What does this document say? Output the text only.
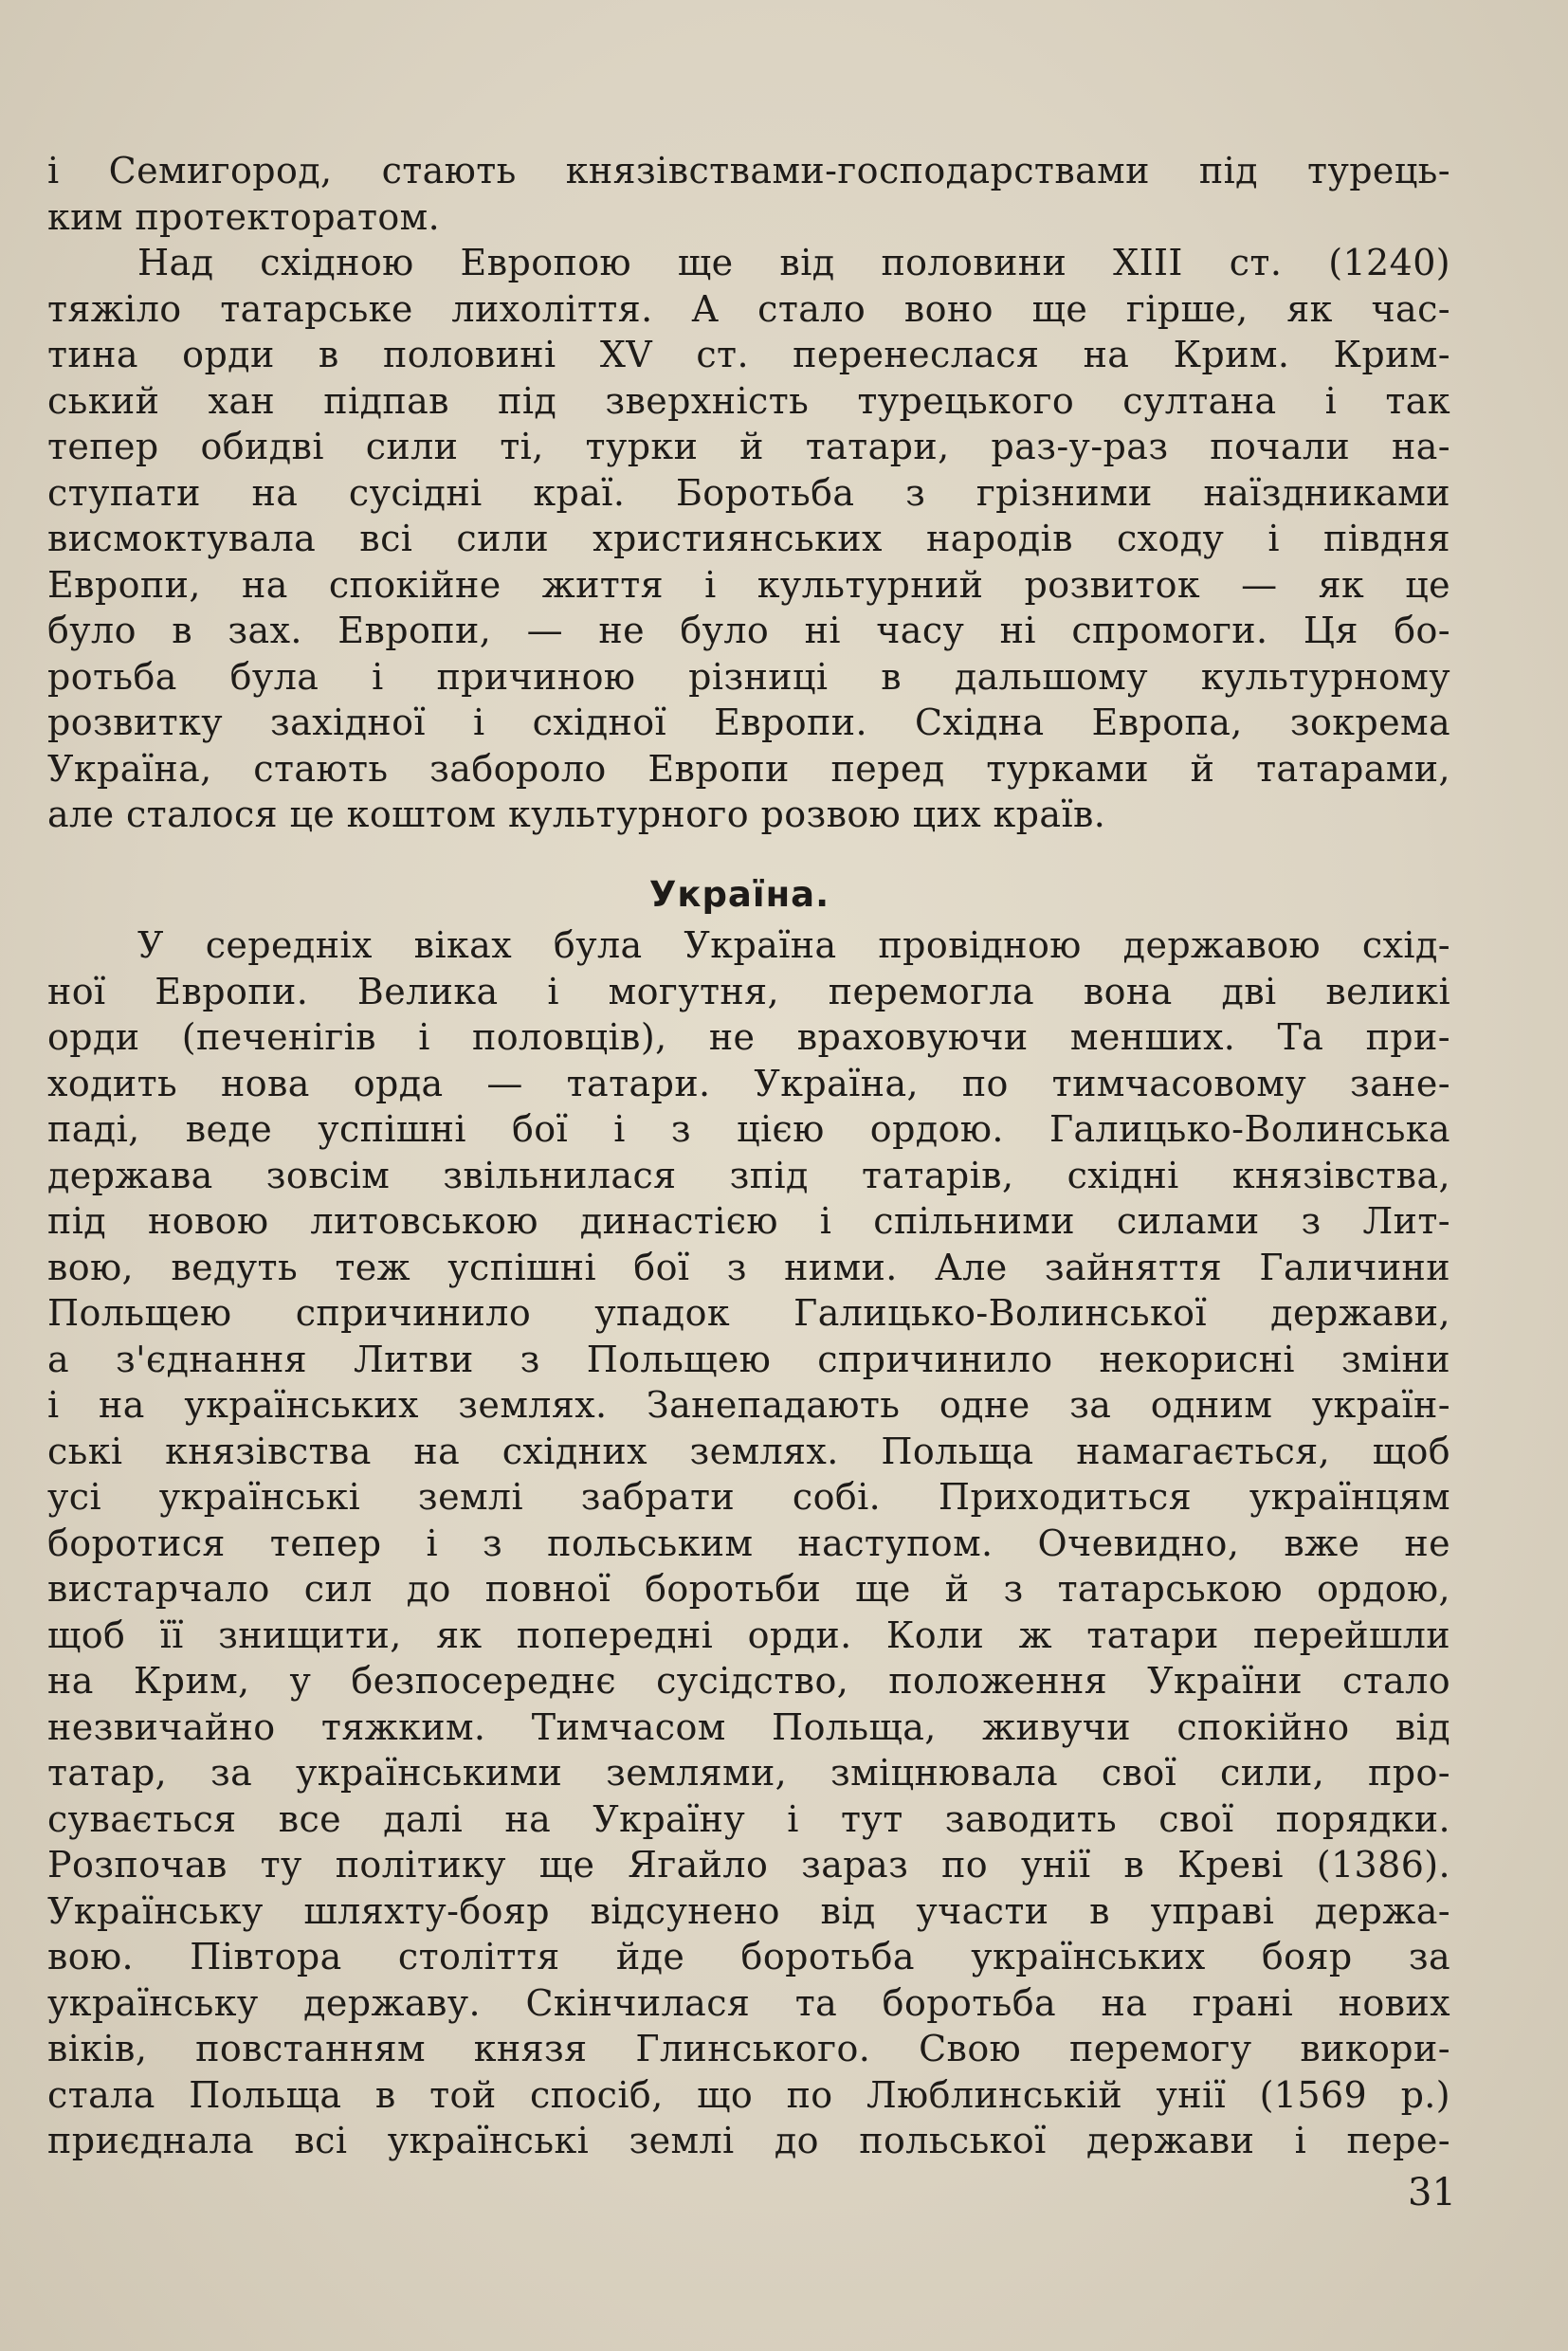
і Семигород, стають князівствами-господарствами під турець-
ким протекторатом.
Над східною Европою ще від половини XIII ст. (1240)
тяжіло татарське лихоліття. А стало воно ще гірше, як час-
тина орди в половині XV ст. перенеслася на Крим. Крим-
ський хан підпав під зверхність турецького султана і так
тепер обидві сили ті, турки й татари, раз-у-раз почали на-
ступати на сусідні краї. Боротьба з грізними наїздниками
висмоктувала всі сили християнських народів сходу і півдня
Европи, на спокійне життя і культурний розвиток — як це
було в зах. Европи, — не було ні часу ні спромоги. Ця бо-
ротьба була і причиною різниці в дальшому культурному
розвитку західної і східної Европи. Східна Европа, зокрема
Україна, стають забороло Европи перед турками й татарами,
але сталося це коштом культурного розвою цих країв.
Україна.
У середніх віках була Україна провідною державою схід-
ної Европи. Велика і могутня, перемогла вона дві великі
орди (печенігів і половців), не враховуючи менших. Та при-
ходить нова орда — татари. Україна, по тимчасовому зане-
паді, веде успішні бої і з цією ордою. Галицько-Волинська
держава зовсім звільнилася зпід татарів, східні князівства,
під новою литовською династією і спільними силами з Лит-
вою, ведуть теж успішні бої з ними. Але зайняття Галичини
Польщею спричинило упадок Галицько-Волинської держави,
а з'єднання Литви з Польщею спричинило некорисні зміни
і на українських землях. Занепадають одне за одним україн-
ські князівства на східних землях. Польща намагається, щоб
усі українські землі забрати собі. Приходиться українцям
боротися тепер і з польським наступом. Очевидно, вже не
вистарчало сил до повної боротьби ще й з татарською ордою,
щоб її знищити, як попередні орди. Коли ж татари перейшли
на Крим, у безпосереднє сусідство, положення України стало
незвичайно тяжким. Тимчасом Польща, живучи спокійно від
татар, за українськими землями, зміцнювала свої сили, про-
сувається все далі на Україну і тут заводить свої порядки.
Розпочав ту політику ще Ягайло зараз по унії в Креві (1386).
Українську шляхту-бояр відсунено від участи в управі держа-
вою. Півтора століття йде боротьба українських бояр за
українську державу. Скінчилася та боротьба на грані нових
віків, повстанням князя Глинського. Свою перемогу викори-
стала Польща в той спосіб, що по Люблинській унії (1569 р.)
приєднала всі українські землі до польської держави і пере-
31
